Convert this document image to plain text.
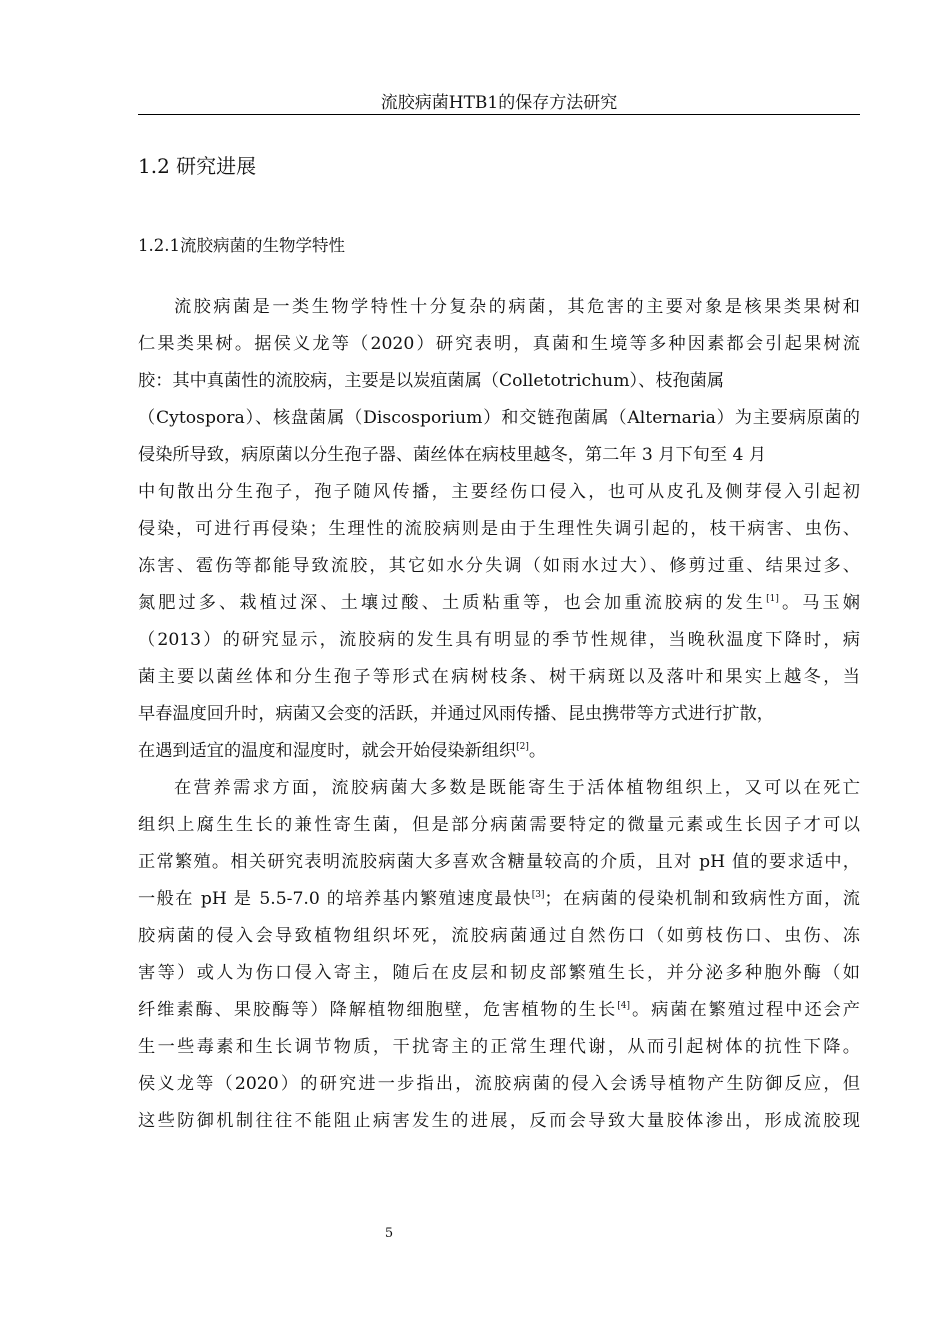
流胶病菌HTB1的保存方法研究
1.2 研究进展
1.2.1流胶病菌的生物学特性
流胶病菌是一类生物学特性十分复杂的病菌，其危害的主要对象是核果类果树和
仁果类果树。据侯义龙等（2020）研究表明，真菌和生境等多种因素都会引起果树流
胶：其中真菌性的流胶病，主要是以炭疽菌属（Colletotrichum）、枝孢菌属
（Cytospora）、核盘菌属（Discosporium）和交链孢菌属（Alternaria）为主要病原菌的
侵染所导致，病原菌以分生孢子器、菌丝体在病枝里越冬，第二年 3 月下旬至 4 月
中旬散出分生孢子，孢子随风传播，主要经伤口侵入，也可从皮孔及侧芽侵入引起初
侵染，可进行再侵染；生理性的流胶病则是由于生理性失调引起的，枝干病害、虫伤、
冻害、雹伤等都能导致流胶，其它如水分失调（如雨水过大）、修剪过重、结果过多、
氮肥过多、栽植过深、土壤过酸、土质粘重等，也会加重流胶病的发生[1]。马玉娴
（2013）的研究显示，流胶病的发生具有明显的季节性规律，当晚秋温度下降时，病
菌主要以菌丝体和分生孢子等形式在病树枝条、树干病斑以及落叶和果实上越冬，当
早春温度回升时，病菌又会变的活跃，并通过风雨传播、昆虫携带等方式进行扩散，
在遇到适宜的温度和湿度时，就会开始侵染新组织[2]。
在营养需求方面，流胶病菌大多数是既能寄生于活体植物组织上，又可以在死亡
组织上腐生生长的兼性寄生菌，但是部分病菌需要特定的微量元素或生长因子才可以
正常繁殖。相关研究表明流胶病菌大多喜欢含糖量较高的介质，且对 pH 值的要求适中，
一般在 pH 是 5.5-7.0 的培养基内繁殖速度最快[3]；在病菌的侵染机制和致病性方面，流
胶病菌的侵入会导致植物组织坏死，流胶病菌通过自然伤口（如剪枝伤口、虫伤、冻
害等）或人为伤口侵入寄主，随后在皮层和韧皮部繁殖生长，并分泌多种胞外酶（如
纤维素酶、果胶酶等）降解植物细胞壁，危害植物的生长[4]。病菌在繁殖过程中还会产
生一些毒素和生长调节物质，干扰寄主的正常生理代谢，从而引起树体的抗性下降。
侯义龙等（2020）的研究进一步指出，流胶病菌的侵入会诱导植物产生防御反应，但
这些防御机制往往不能阻止病害发生的进展，反而会导致大量胶体渗出，形成流胶现
5
